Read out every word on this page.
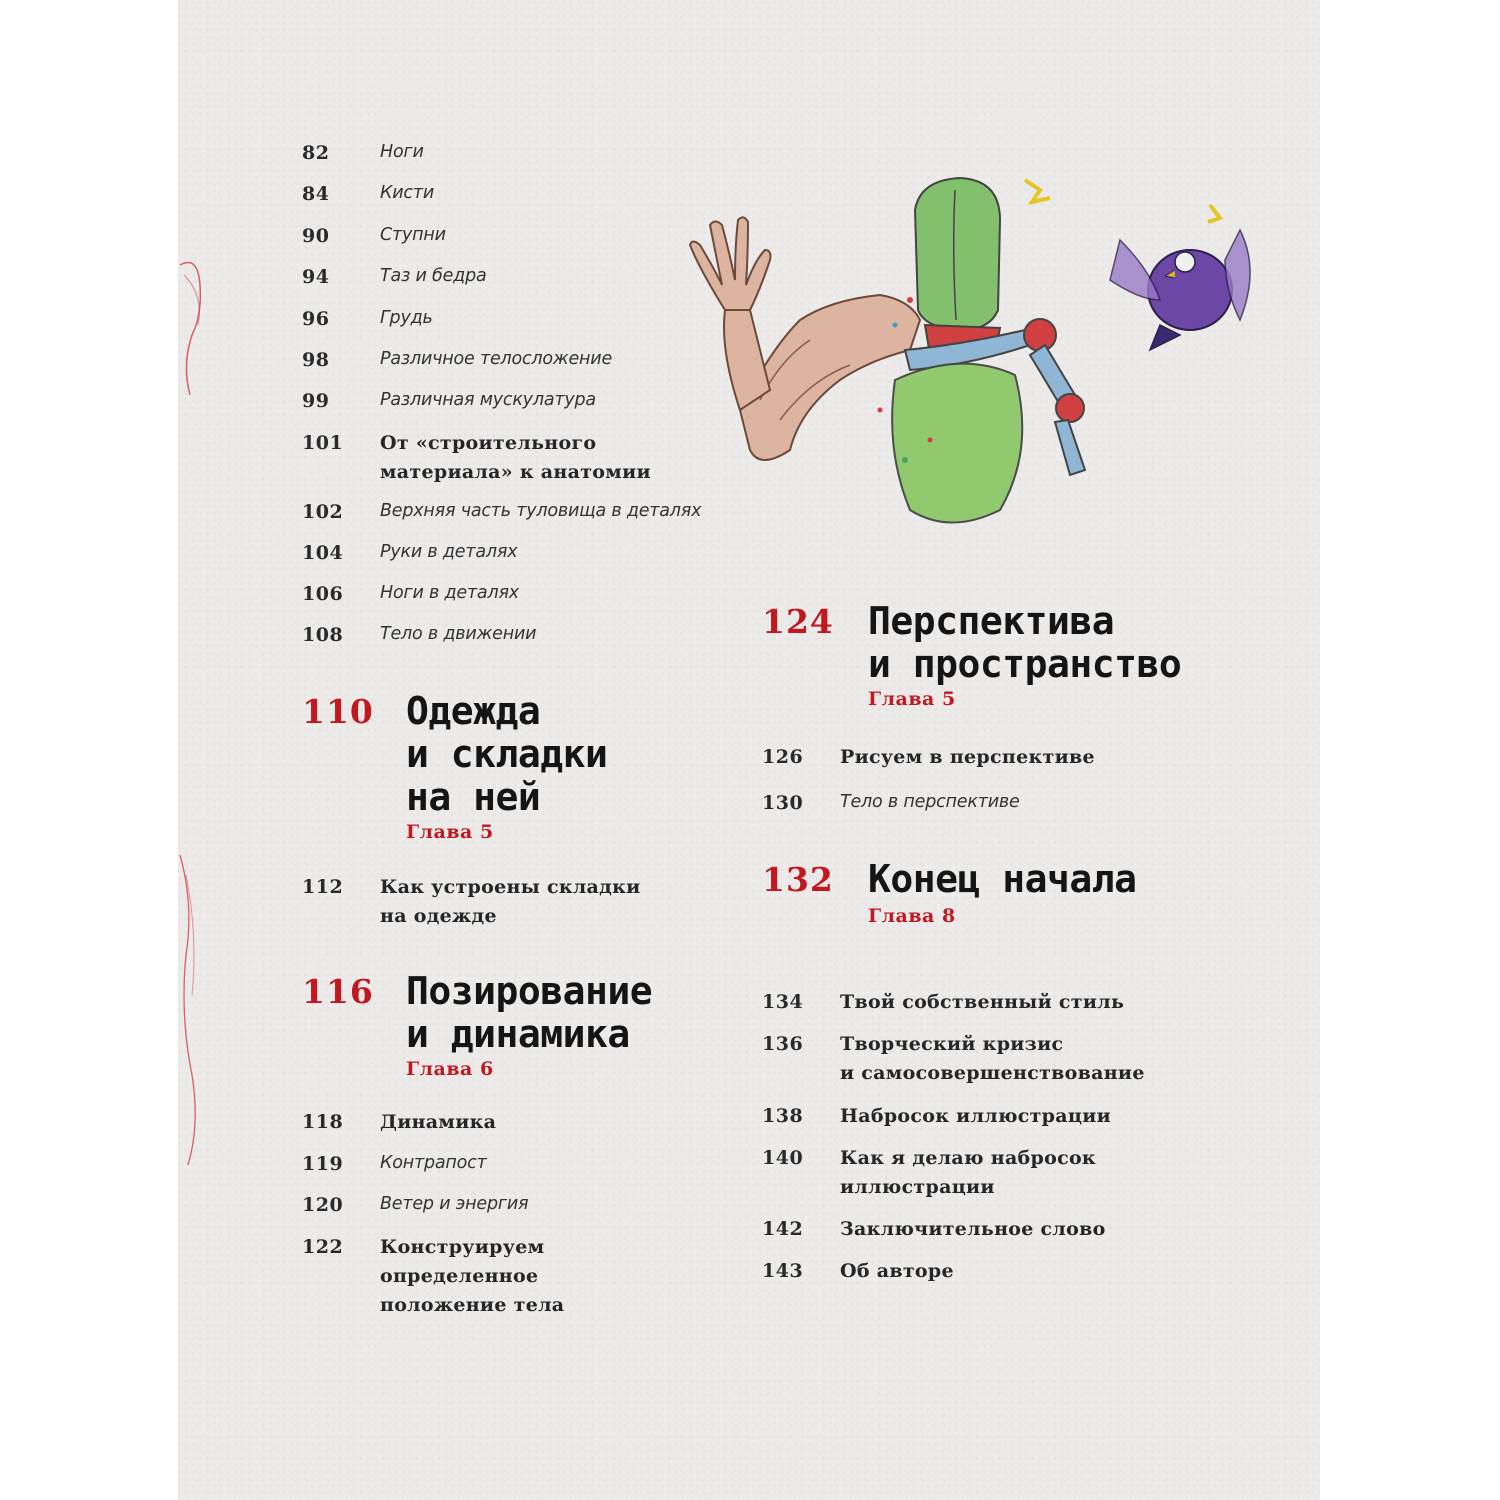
82	Ноги
84	Кисти
90	Ступни
94	Таз и бедра
96	Грудь
98	Различное телосложение
99	Различная мускулатура
101	От «строительного
материала» к анатомии
102	Верхняя часть туловища в деталях
104	Руки в деталях
106	Ноги в деталях
108	Тело в движении
110 Одежда
и складки
на ней
Глава 5
112	Как устроены складки
на одежде
116 Позирование
и динамика
Глава 6
118	Динамика
119	Контрапост
120	Ветер и энергия
122	Конструируем
определенное
положение тела
124 Перспектива
и пространство
Глава 5
126	Рисуем в перспективе
130	Тело в перспективе
132 Конец начала
Глава 8
134	Твой собственный стиль
136	Творческий кризис
и самосовершенствование
138	Набросок иллюстрации
140	Как я делаю набросок
иллюстрации
142	Заключительное слово
143	Об авторе
